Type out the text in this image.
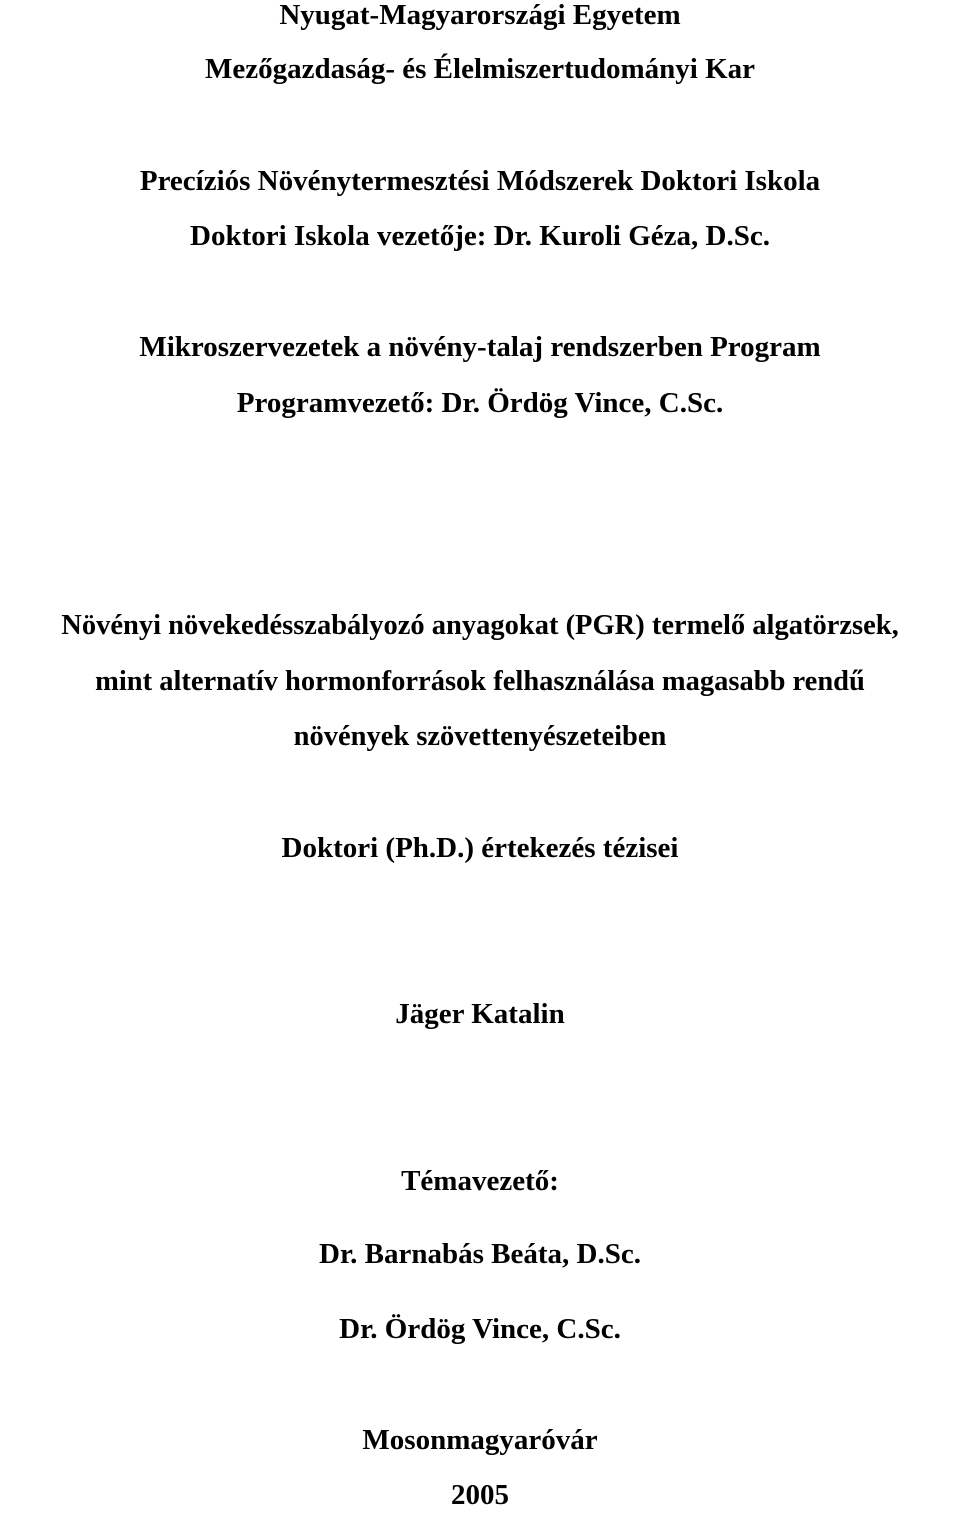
Nyugat-Magyarországi Egyetem
Mezőgazdaság- és Élelmiszertudományi Kar
Precíziós Növénytermesztési Módszerek Doktori Iskola
Doktori Iskola vezetője: Dr. Kuroli Géza, D.Sc.
Mikroszervezetek a növény-talaj rendszerben Program
Programvezető: Dr. Ördög Vince, C.Sc.
Növényi növekedésszabályozó anyagokat (PGR) termelő algatörzsek,
mint alternatív hormonforrások felhasználása magasabb rendű
növények szövettenyészeteiben
Doktori (Ph.D.) értekezés tézisei
Jäger Katalin
Témavezető:
Dr. Barnabás Beáta, D.Sc.
Dr. Ördög Vince, C.Sc.
Mosonmagyaróvár
2005
